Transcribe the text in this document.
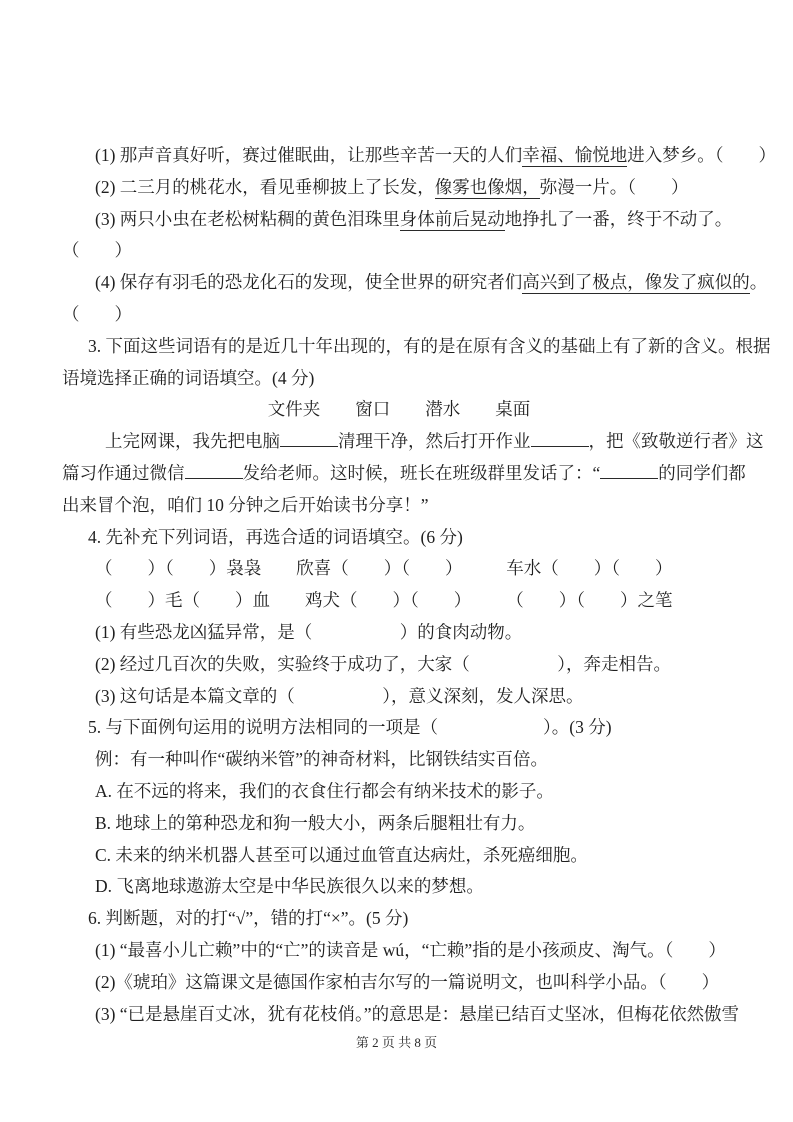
(1) 那声音真好听，赛过催眠曲，让那些辛苦一天的人们幸福、愉悦地进入梦乡。（　　）
(2) 二三月的桃花水，看见垂柳披上了长发，像雾也像烟，弥漫一片。（　　）
(3) 两只小虫在老松树粘稠的黄色泪珠里身体前后晃动地挣扎了一番，终于不动了。
（　　）
(4) 保存有羽毛的恐龙化石的发现，使全世界的研究者们高兴到了极点，像发了疯似的。
（　　）
3. 下面这些词语有的是近几十年出现的，有的是在原有含义的基础上有了新的含义。根据
语境选择正确的词语填空。(4 分)
文件夹　　窗口　　潜水　　桌面
上完网课，我先把电脑	清理干净，然后打开作业	，把《致敬逆行者》这
篇习作通过微信	发给老师。这时候，班长在班级群里发话了：“	的同学们都
出来冒个泡，咱们 10 分钟之后开始读书分享！”
4. 先补充下列词语，再选合适的词语填空。(6 分)
（　　）（　　）袅袅　　欣喜（　　）（　　）　　　车水（　　）（　　）
（　　）毛（　　）血　　鸡犬（　　）（　　）　　　（　　）（　　）之笔
(1) 有些恐龙凶猛异常，是（　　　　　）的食肉动物。
(2) 经过几百次的失败，实验终于成功了，大家（　　　　　），奔走相告。
(3) 这句话是本篇文章的（　　　　　），意义深刻，发人深思。
5. 与下面例句运用的说明方法相同的一项是（　　　　　　）。(3 分)
例：有一种叫作“碳纳米管”的神奇材料，比钢铁结实百倍。
A. 在不远的将来，我们的衣食住行都会有纳米技术的影子。
B. 地球上的第种恐龙和狗一般大小，两条后腿粗壮有力。
C. 未来的纳米机器人甚至可以通过血管直达病灶，杀死癌细胞。
D. 飞离地球遨游太空是中华民族很久以来的梦想。
6. 判断题，对的打“√”，错的打“×”。(5 分)
(1) “最喜小儿亡赖”中的“亡”的读音是 wú，“亡赖”指的是小孩顽皮、淘气。（　　）
(2)《琥珀》这篇课文是德国作家柏吉尔写的一篇说明文，也叫科学小品。（　　）
(3) “已是悬崖百丈冰，犹有花枝俏。”的意思是：悬崖已结百丈坚冰，但梅花依然傲雪
第 2 页 共 8 页
